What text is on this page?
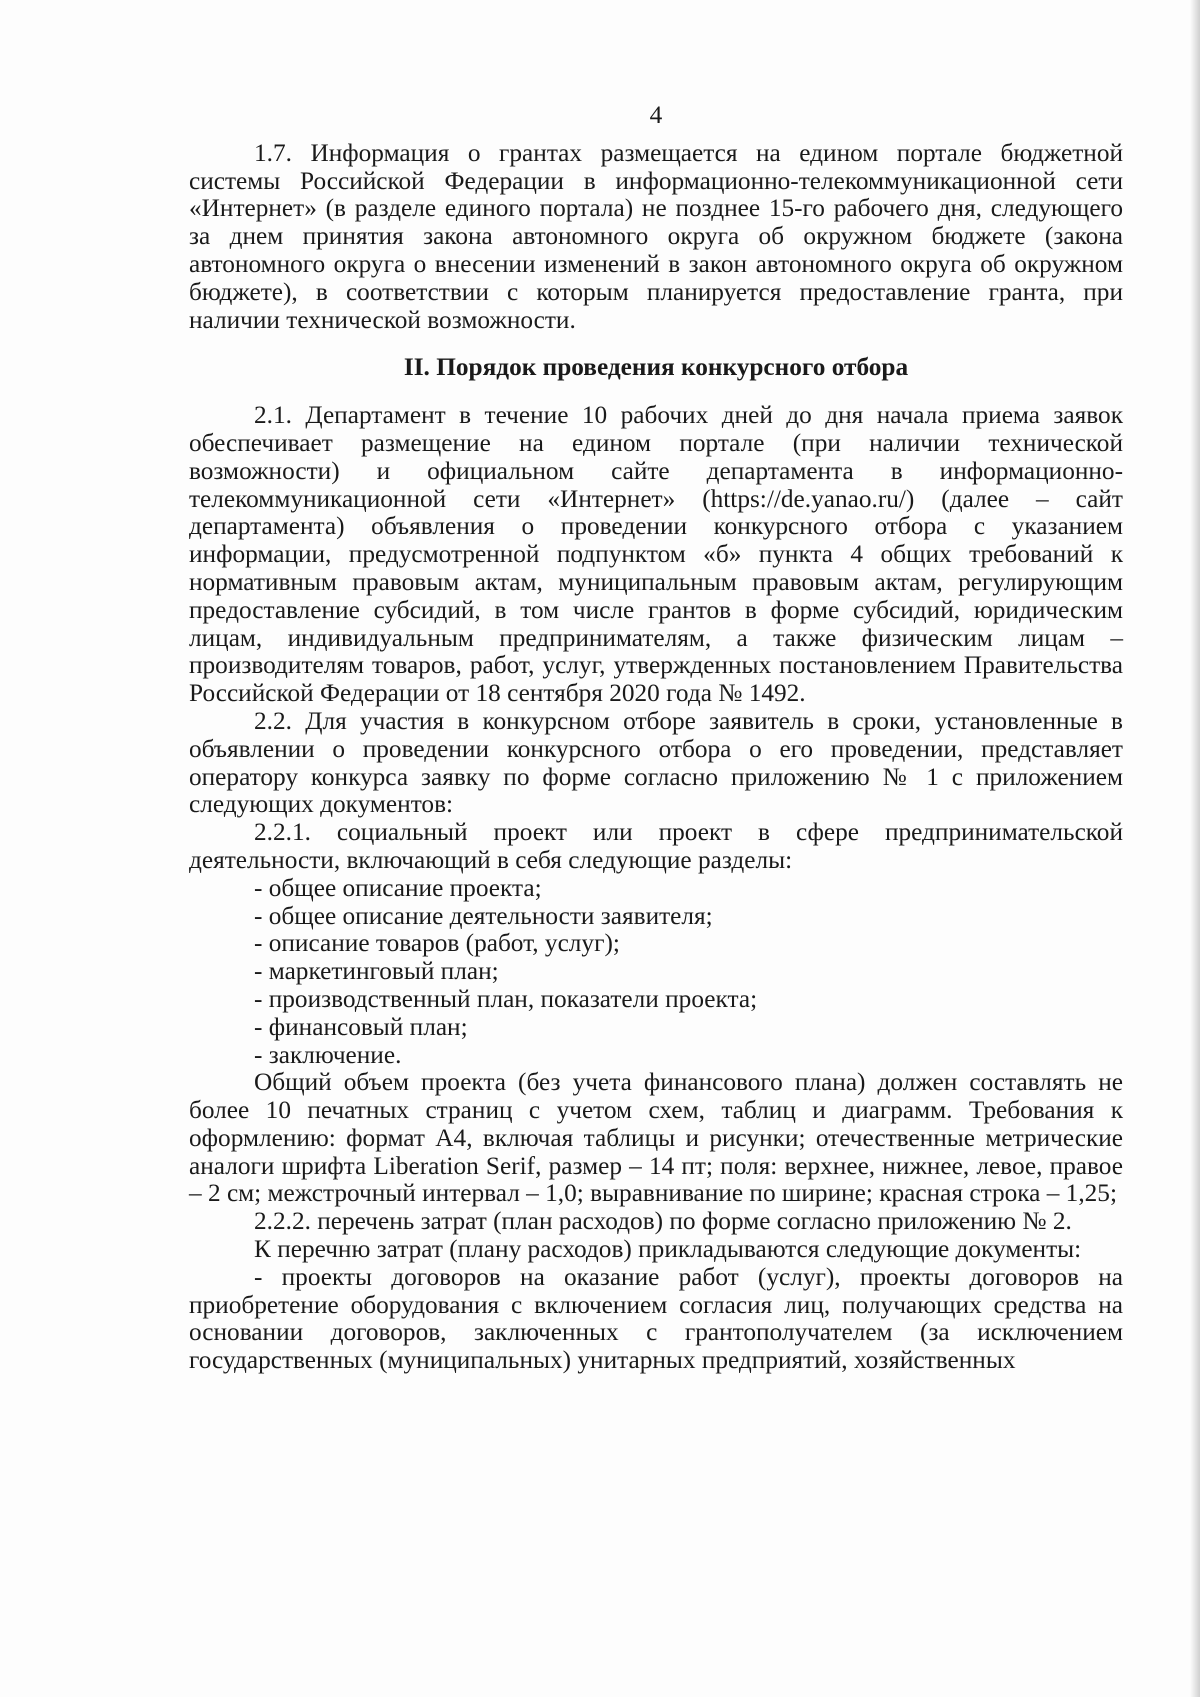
4

1.7. Информация о грантах размещается на едином портале бюджетной системы Российской Федерации в информационно-телекоммуникационной сети «Интернет» (в разделе единого портала) не позднее 15-го рабочего дня, следующего за днем принятия закона автономного округа об окружном бюджете (закона автономного округа о внесении изменений в закон автономного округа об окружном бюджете), в соответствии с которым планируется предоставление гранта, при наличии технической возможности.

II. Порядок проведения конкурсного отбора

2.1. Департамент в течение 10 рабочих дней до дня начала приема заявок обеспечивает размещение на едином портале (при наличии технической возможности) и официальном сайте департамента в информационно-телекоммуникационной сети «Интернет» (https://de.yanao.ru/) (далее – сайт департамента) объявления о проведении конкурсного отбора с указанием информации, предусмотренной подпунктом «б» пункта 4 общих требований к нормативным правовым актам, муниципальным правовым актам, регулирующим предоставление субсидий, в том числе грантов в форме субсидий, юридическим лицам, индивидуальным предпринимателям, а также физическим лицам – производителям товаров, работ, услуг, утвержденных постановлением Правительства Российской Федерации от 18 сентября 2020 года № 1492.

2.2. Для участия в конкурсном отборе заявитель в сроки, установленные в объявлении о проведении конкурсного отбора о его проведении, представляет оператору конкурса заявку по форме согласно приложению № 1 с приложением следующих документов:

2.2.1. социальный проект или проект в сфере предпринимательской деятельности, включающий в себя следующие разделы:

- общее описание проекта;

- общее описание деятельности заявителя;

- описание товаров (работ, услуг);

- маркетинговый план;

- производственный план, показатели проекта;

- финансовый план;

- заключение.

Общий объем проекта (без учета финансового плана) должен составлять не более 10 печатных страниц с учетом схем, таблиц и диаграмм. Требования к оформлению: формат А4, включая таблицы и рисунки; отечественные метрические аналоги шрифта Liberation Serif, размер – 14 пт; поля: верхнее, нижнее, левое, правое – 2 см; межстрочный интервал – 1,0; выравнивание по ширине; красная строка – 1,25;

2.2.2. перечень затрат (план расходов) по форме согласно приложению № 2.

К перечню затрат (плану расходов) прикладываются следующие документы:

- проекты договоров на оказание работ (услуг), проекты договоров на приобретение оборудования с включением согласия лиц, получающих средства на основании договоров, заключенных с грантополучателем (за исключением государственных (муниципальных) унитарных предприятий, хозяйственных
